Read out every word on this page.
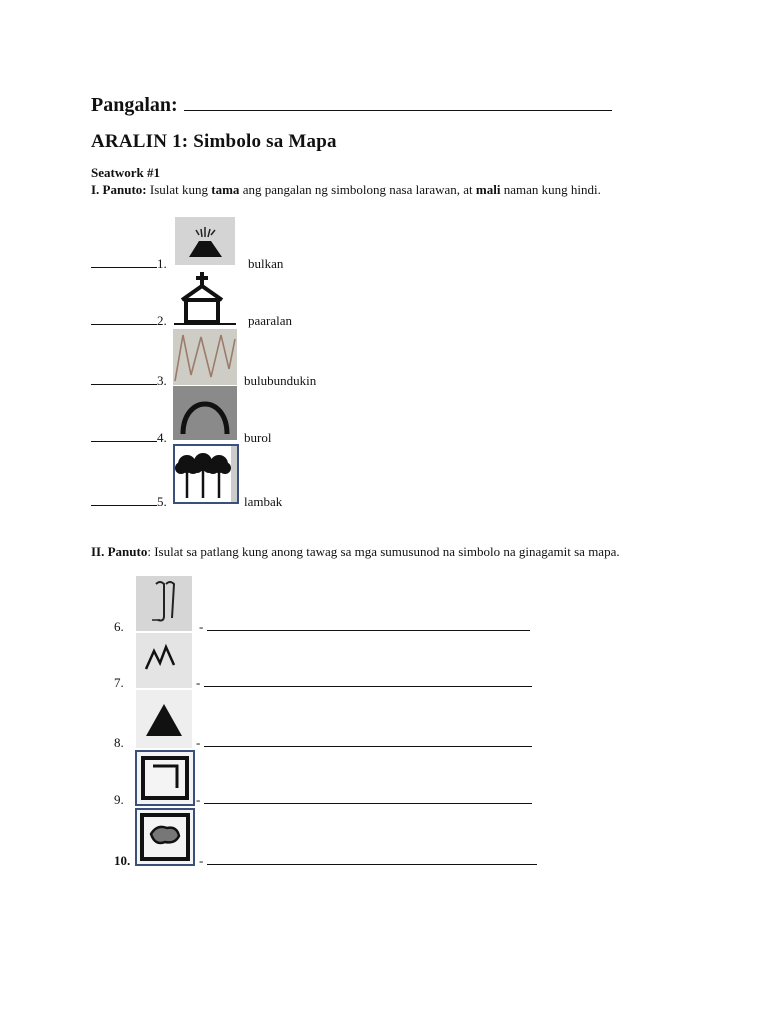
Pangalan:
ARALIN 1: Simbolo sa Mapa
Seatwork #1
I. Panuto: Isulat kung tama ang pangalan ng simbolong nasa larawan, at mali naman kung hindi.
1.	bulkan
2.	paaralan
3.	bulubundukin
4.	burol
5.	lambak
II. Panuto: Isulat sa patlang kung anong tawag sa mga sumusunod na simbolo na ginagamit sa mapa.
6.	-
7.	-
8.	-
9.	-
10.	-
